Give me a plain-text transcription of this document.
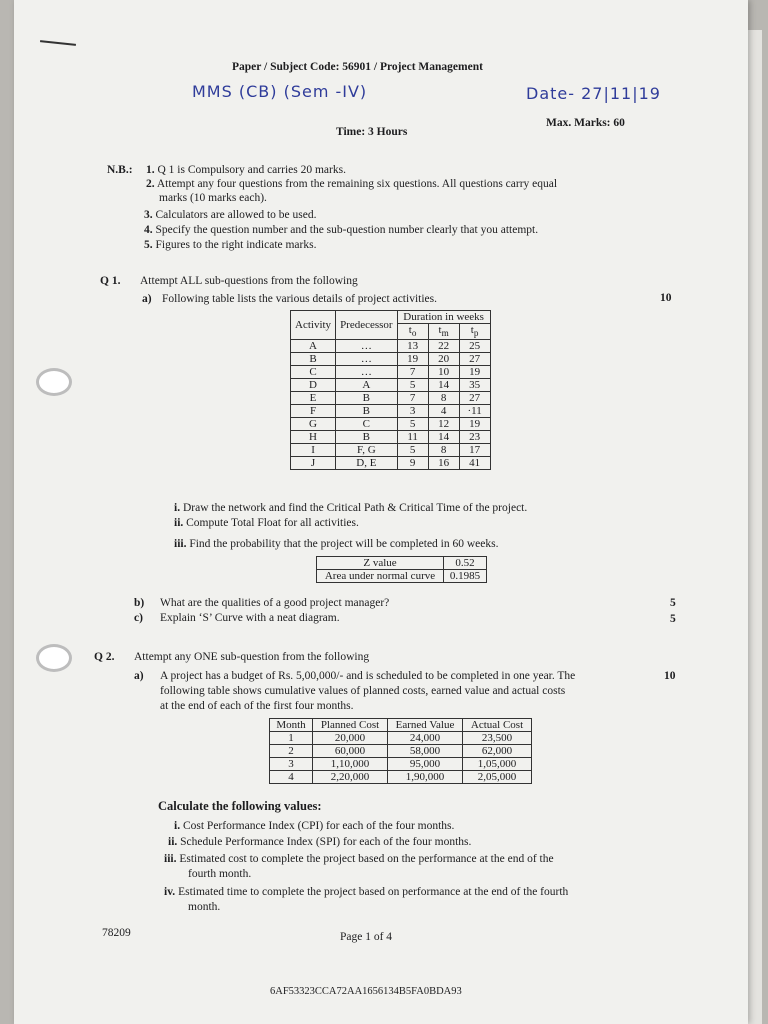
Paper / Subject Code: 56901 / Project Management
MMS (CB) (Sem -IV)	Date- 27|11|19
Max. Marks: 60
Time: 3 Hours
N.B.: 1. Q 1 is Compulsory and carries 20 marks.
2. Attempt any four questions from the remaining six questions. All questions carry equal
marks (10 marks each).
3. Calculators are allowed to be used.
4. Specify the question number and the sub-question number clearly that you attempt.
5. Figures to the right indicate marks.
Q 1. Attempt ALL sub-questions from the following
a) Following table lists the various details of project activities.	10
Activity	Predecessor	Duration in weeks		
		$t_o$	$t_m$	$t_p$
A	…	13	22	25
B	…	19	20	27
C	…	7	10	19
D	A	5	14	35
E	B	7	8	27
F	B	3	4	·11
G	C	5	12	19
H	B	11	14	23
I	F, G	5	8	17
J	D, E	9	16	41
i. Draw the network and find the Critical Path & Critical Time of the project.
ii. Compute Total Float for all activities.
iii. Find the probability that the project will be completed in 60 weeks.
Z value	0.52
Area under normal curve	0.1985
b) What are the qualities of a good project manager?	5
c) Explain ‘S’ Curve with a neat diagram.	5
Q 2. Attempt any ONE sub-question from the following
a) A project has a budget of Rs. 5,00,000/- and is scheduled to be completed in one year. The	10
following table shows cumulative values of planned costs, earned value and actual costs
at the end of each of the first four months.
Month	Planned Cost	Earned Value	Actual Cost
1	20,000	24,000	23,500
2	60,000	58,000	62,000
3	1,10,000	95,000	1,05,000
4	2,20,000	1,90,000	2,05,000
Calculate the following values:
i. Cost Performance Index (CPI) for each of the four months.
ii. Schedule Performance Index (SPI) for each of the four months.
iii. Estimated cost to complete the project based on the performance at the end of the
fourth month.
iv. Estimated time to complete the project based on performance at the end of the fourth
month.
78209	Page 1 of 4
6AF53323CCA72AA1656134B5FA0BDA93
